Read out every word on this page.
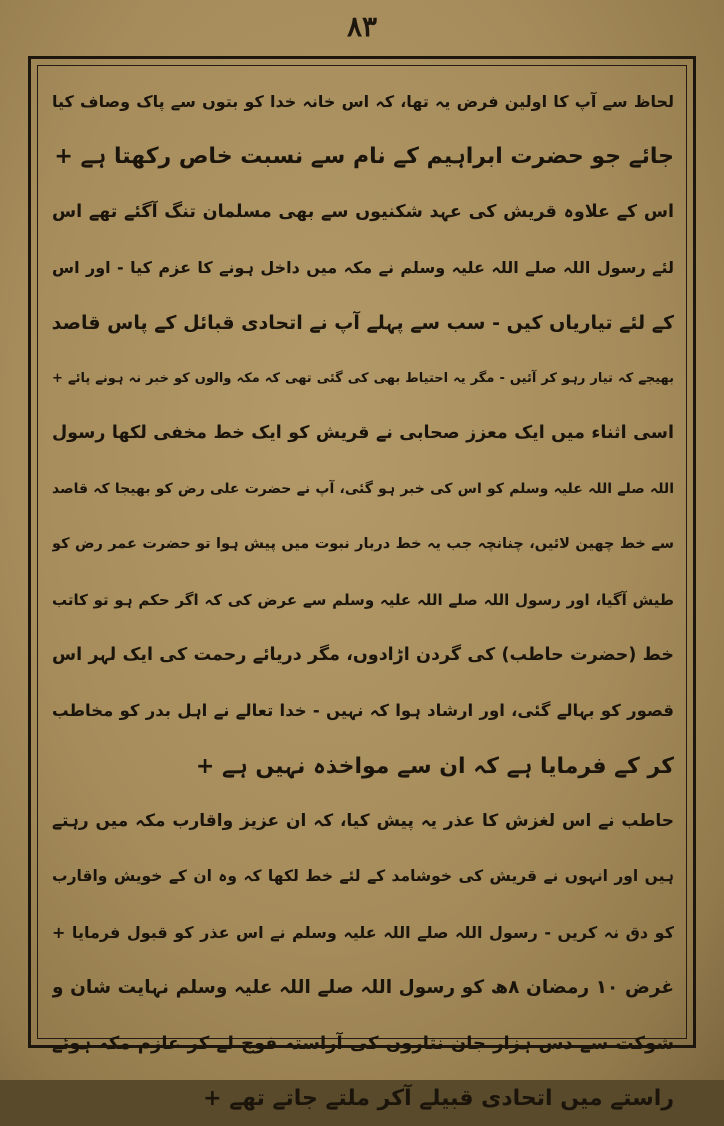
۸۳
لحاظ سے آپ کا اولین فرض یہ تھا، کہ اس خانہ خدا کو بتوں سے پاک وصاف کیا
جائے جو حضرت ابراہیم کے نام سے نسبت خاص رکھتا ہے +
اس کے علاوہ قریش کی عہد شکنیوں سے بھی مسلمان تنگ آگئے تھے اس
لئے رسول اللہ صلے اللہ علیہ وسلم نے مکہ میں داخل ہونے کا عزم کیا - اور اس
کے لئے تیاریاں کیں - سب سے پہلے آپ نے اتحادی قبائل کے پاس قاصد
بھیجے کہ تیار رہو کر آئیں - مگر یہ احتیاط بھی کی گئی تھی کہ مکہ والوں کو خبر نہ ہونے پائے +
اسی اثناء میں ایک معزز صحابی نے قریش کو ایک خط مخفی لکھا رسول
اللہ صلے اللہ علیہ وسلم کو اس کی خبر ہو گئی، آپ نے حضرت علی رض کو بھیجا کہ قاصد
سے خط چھین لائیں، چنانچہ جب یہ خط دربار نبوت میں پیش ہوا تو حضرت عمر رض کو
طیش آگیا، اور رسول اللہ صلے اللہ علیہ وسلم سے عرض کی کہ اگر حکم ہو تو کاتب
خط (حضرت حاطب) کی گردن اڑادوں، مگر دریائے رحمت کی ایک لہر اس
قصور کو بہالے گئی، اور ارشاد ہوا کہ نہیں - خدا تعالے نے اہل بدر کو مخاطب
کر کے فرمایا ہے کہ ان سے مواخذہ نہیں ہے +
حاطب نے اس لغزش کا عذر یہ پیش کیا، کہ ان عزیز واقارب مکہ میں رہتے
ہیں اور انہوں نے قریش کی خوشامد کے لئے خط لکھا کہ وہ ان کے خویش واقارب
کو دق نہ کریں - رسول اللہ صلے اللہ علیہ وسلم نے اس عذر کو قبول فرمایا +
غرض ۱۰ رمضان ۸ھ کو رسول اللہ صلے اللہ علیہ وسلم نہایت شان و
شوکت سے دس ہزار جان نثاروں کی آراستہ فوج لے کر عازم مکہ ہوئے
راستے میں اتحادی قبیلے آکر ملتے جاتے تھے +
